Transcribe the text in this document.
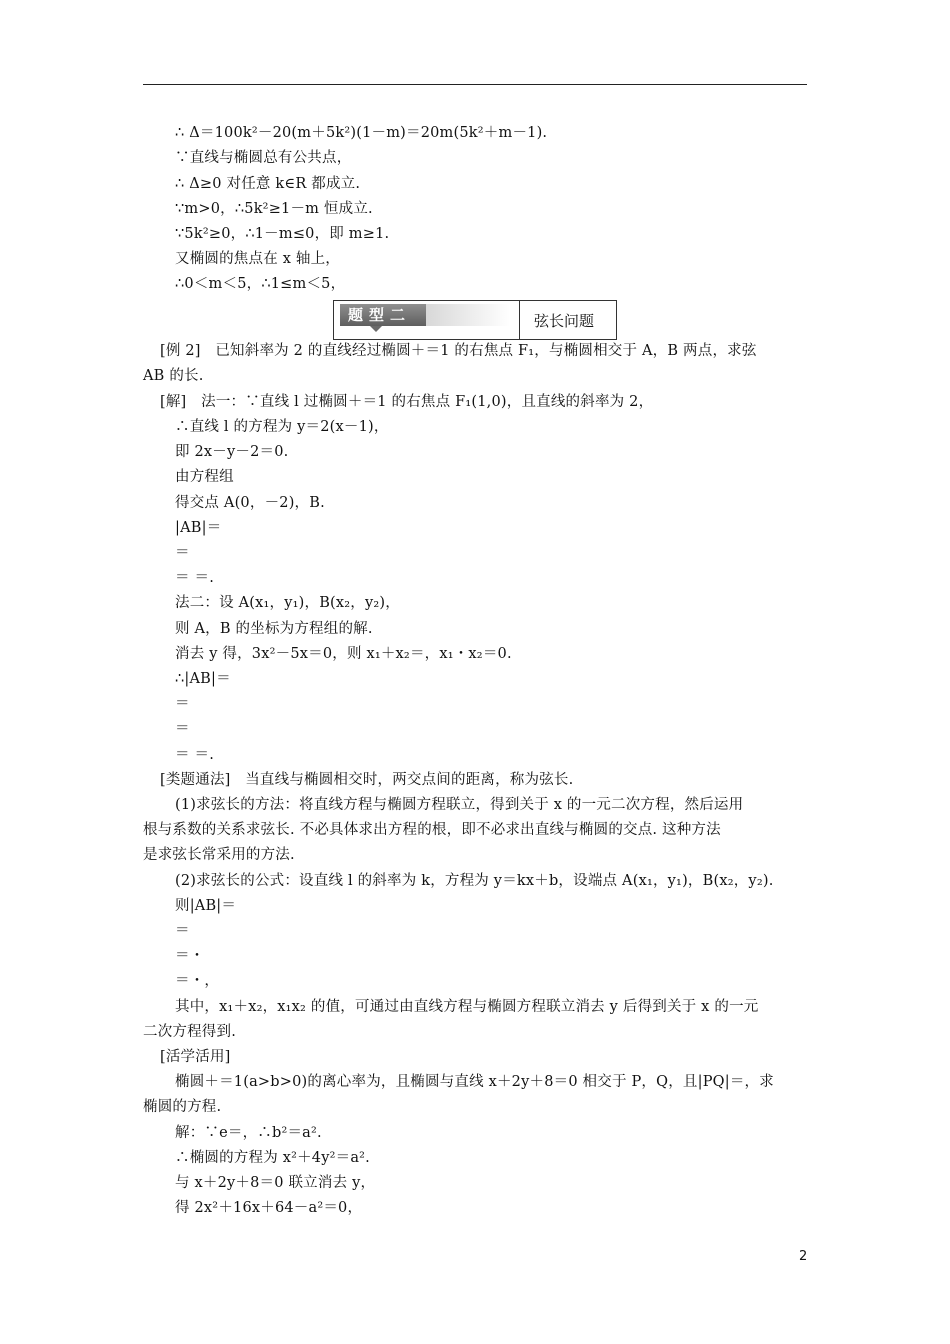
∴ Δ＝100k²－20(m＋5k²)(1－m)＝20m(5k²＋m－1).
∵直线与椭圆总有公共点，
∴ Δ≥0 对任意 k∈R 都成立.
∵m>0，∴5k²≥1－m 恒成立.
∵5k²≥0，∴1－m≤0，即 m≥1.
又椭圆的焦点在 x 轴上，
∴0＜m＜5，∴1≤m＜5，
题型二	弦长问题
[例 2]　已知斜率为 2 的直线经过椭圆＋＝1 的右焦点 F₁，与椭圆相交于 A，B 两点，求弦
AB 的长.
[解]　法一：∵直线 l 过椭圆＋＝1 的右焦点 F₁(1,0)，且直线的斜率为 2，
∴直线 l 的方程为 y＝2(x－1)，
即 2x－y－2＝0.
由方程组
得交点 A(0，－2)，B.
|AB|＝
＝
＝ ＝.
法二：设 A(x₁，y₁)，B(x₂，y₂)，
则 A，B 的坐标为方程组的解.
消去 y 得，3x²－5x＝0，则 x₁＋x₂＝，x₁・x₂＝0.
∴|AB|＝
＝
＝
＝ ＝.
[类题通法]　当直线与椭圆相交时，两交点间的距离，称为弦长.
(1)求弦长的方法：将直线方程与椭圆方程联立，得到关于 x 的一元二次方程，然后运用
根与系数的关系求弦长. 不必具体求出方程的根，即不必求出直线与椭圆的交点. 这种方法
是求弦长常采用的方法.
(2)求弦长的公式：设直线 l 的斜率为 k，方程为 y＝kx＋b，设端点 A(x₁，y₁)，B(x₂，y₂).
则|AB|＝
＝
＝・
＝・，
其中，x₁＋x₂，x₁x₂ 的值，可通过由直线方程与椭圆方程联立消去 y 后得到关于 x 的一元
二次方程得到.
[活学活用]
椭圆＋＝1(a>b>0)的离心率为，且椭圆与直线 x＋2y＋8＝0 相交于 P，Q，且|PQ|＝，求
椭圆的方程.
解：∵e＝，∴b²＝a².
∴椭圆的方程为 x²＋4y²＝a².
与 x＋2y＋8＝0 联立消去 y，
得 2x²＋16x＋64－a²＝0，
2
